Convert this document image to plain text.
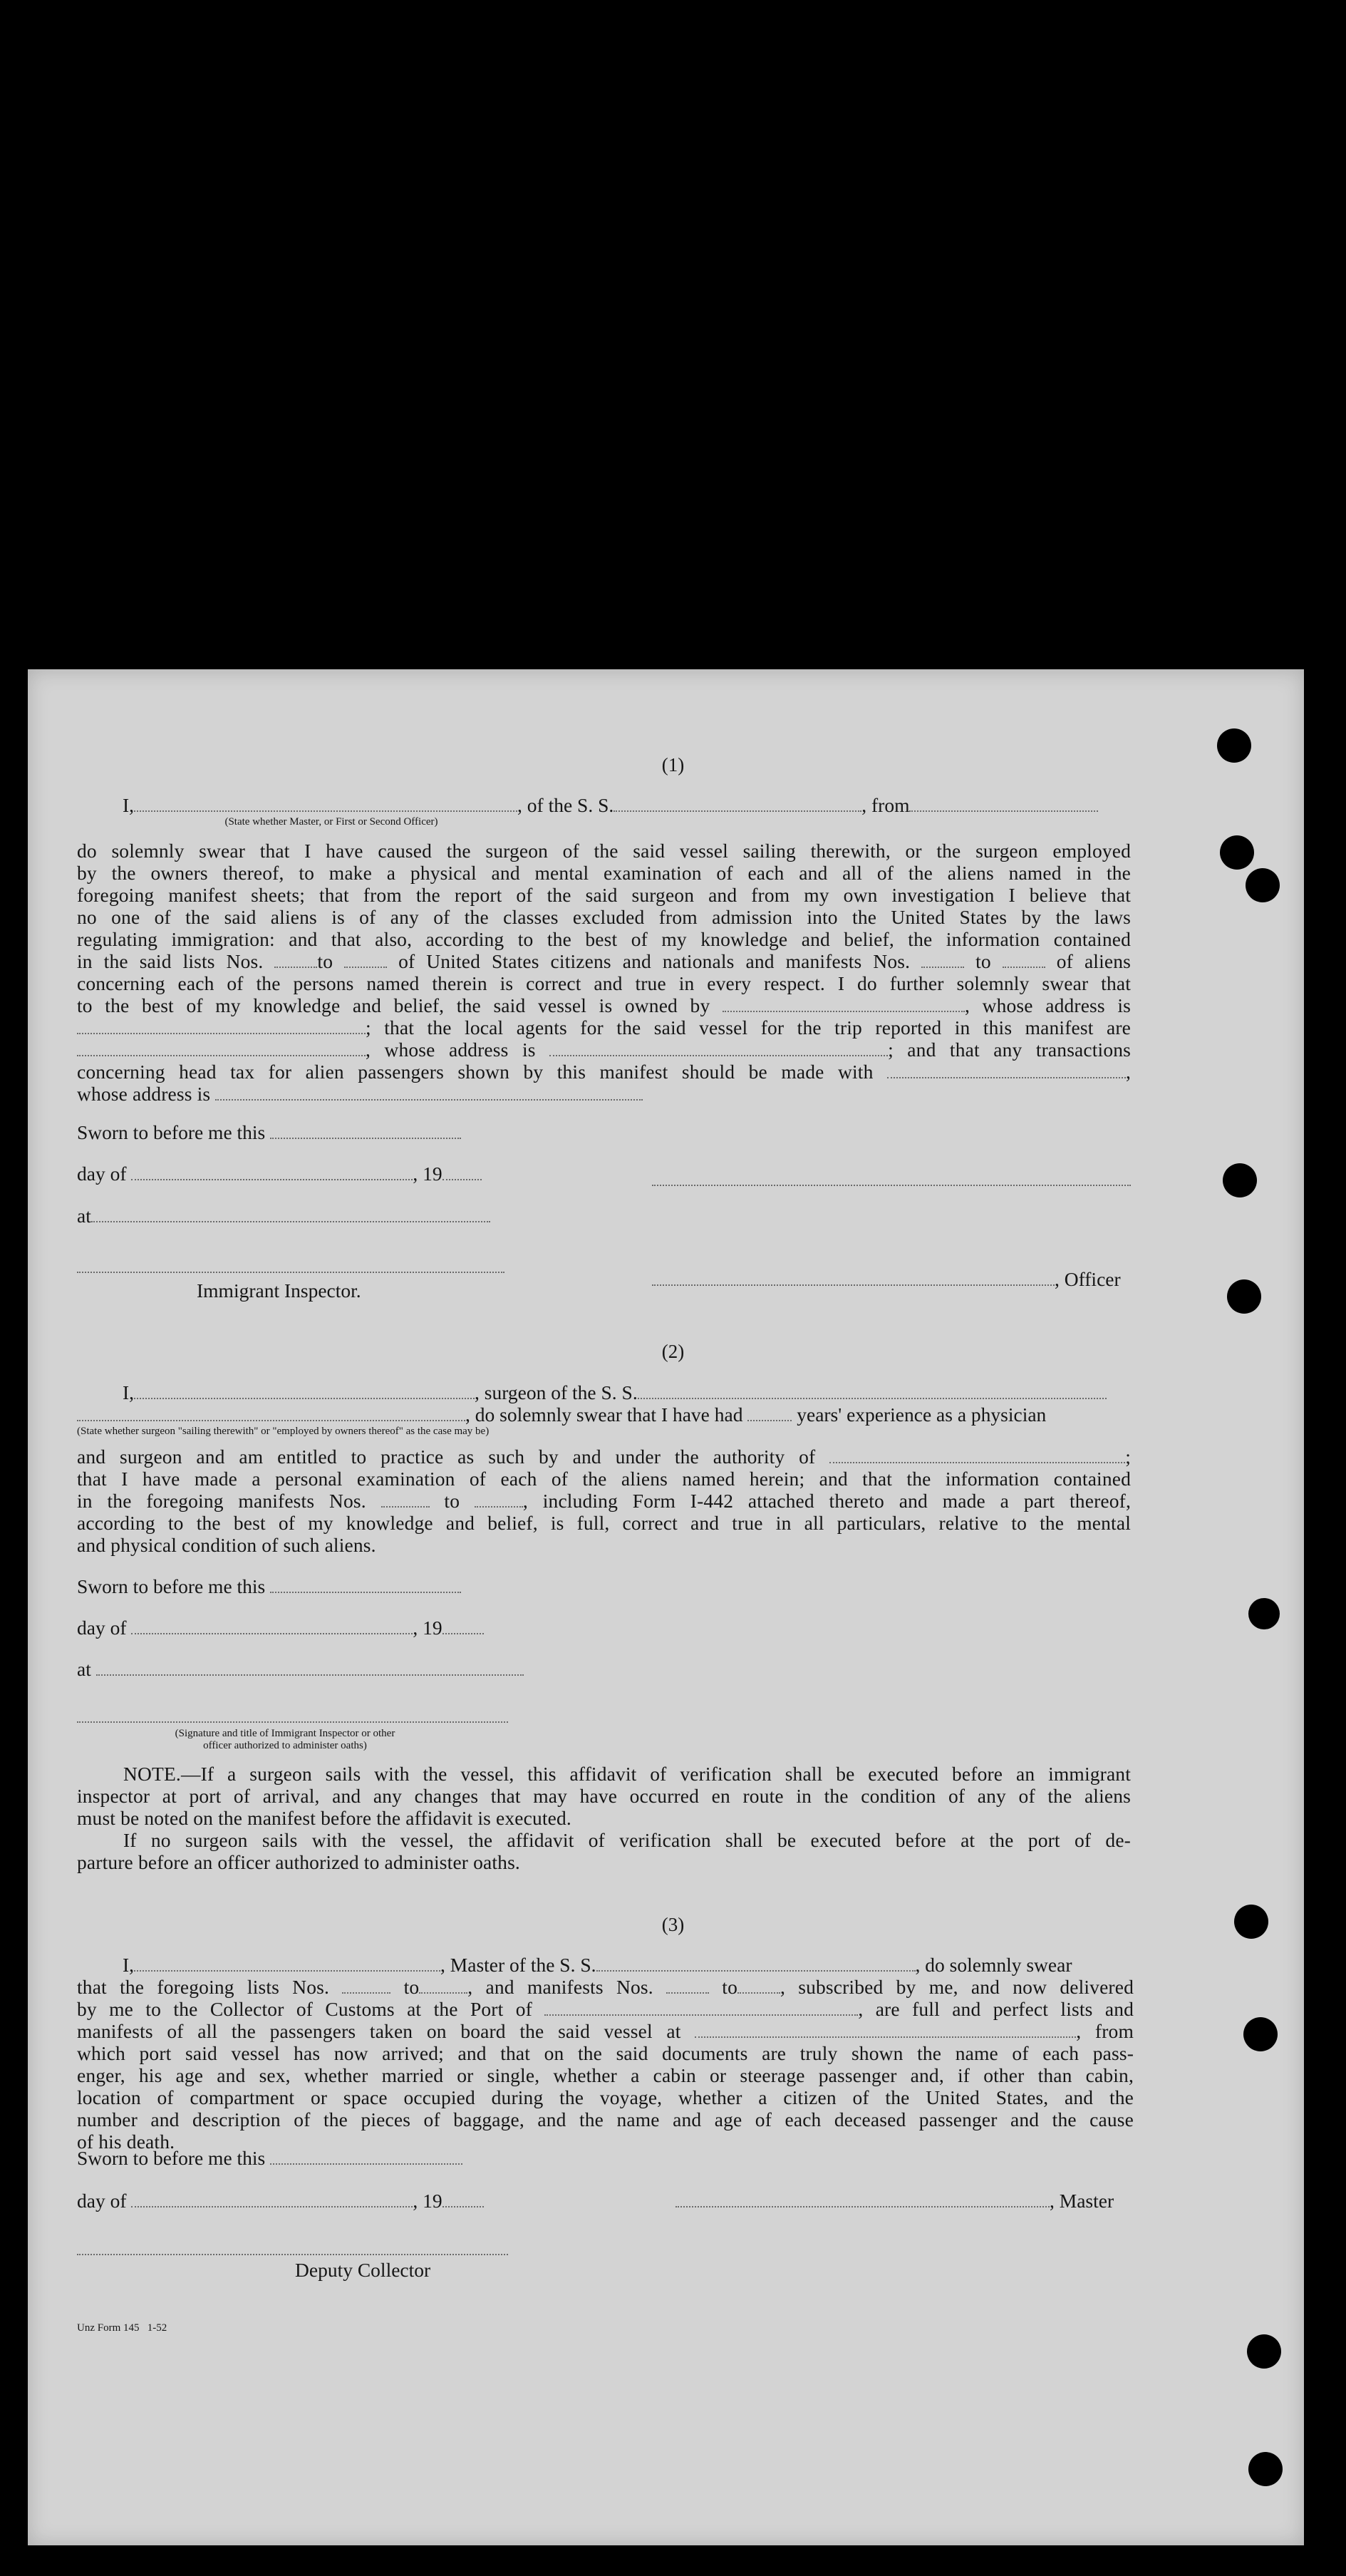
(1)
I,	, of the S. S.	, from
(State whether Master, or First or Second Officer)

do solemnly swear that I have caused the surgeon of the said vessel sailing therewith, or the surgeon employed

by the owners thereof, to make a physical and mental examination of each and all of the aliens named in the

foregoing manifest sheets; that from the report of the said surgeon and from my own investigation I believe that

no one of the said aliens is of any of the classes excluded from admission into the United States by the laws

regulating immigration: and that also, according to the best of my knowledge and belief, the information contained

in the said lists Nos.	to	of United States citizens and nationals and manifests Nos.	to	of aliens

concerning each of the persons named therein is correct and true in every respect. I do further solemnly swear that

to the best of my knowledge and belief, the said vessel is owned by	, whose address is

; that the local agents for the said vessel for the trip reported in this manifest are

, whose address is	; and that any transactions

concerning head tax for alien passengers shown by this manifest should be made with	,

whose address is

Sworn to before me this
day of	, 19
at
, Officer
Immigrant Inspector.
(2)
I,	, surgeon of the S. S.
, do solemnly swear that I have had	years' experience as a physician
(State whether surgeon "sailing therewith" or "employed by owners thereof" as the case may be)

and surgeon and am entitled to practice as such by and under the authority of	;

that I have made a personal examination of each of the aliens named herein; and that the information contained

in the foregoing manifests Nos.	to	, including Form I-442 attached thereto and made a part thereof,

according to the best of my knowledge and belief, is full, correct and true in all particulars, relative to the mental

and physical condition of such aliens.

Sworn to before me this
day of	, 19
at
(Signature and title of Immigrant Inspector or other
officer authorized to administer oaths)

NOTE.—If a surgeon sails with the vessel, this affidavit of verification shall be executed before an immigrant

inspector at port of arrival, and any changes that may have occurred en route in the condition of any of the aliens

must be noted on the manifest before the affidavit is executed.

If no surgeon sails with the vessel, the affidavit of verification shall be executed before at the port of de-

parture before an officer authorized to administer oaths.

(3)
I,	, Master of the S. S.	, do solemnly swear

that the foregoing lists Nos.	to , and manifests Nos.	to , subscribed by me, and now delivered

by me to the Collector of Customs at the Port of	, are full and perfect lists and

manifests of all the passengers taken on board the said vessel at	, from

which port said vessel has now arrived; and that on the said documents are truly shown the name of each pass-

enger, his age and sex, whether married or single, whether a cabin or steerage passenger and, if other than cabin,

location of compartment or space occupied during the voyage, whether a citizen of the United States, and the

number and description of the pieces of baggage, and the name and age of each deceased passenger and the cause

of his death.

Sworn to before me this
day of	, 19	, Master
Deputy Collector
Unz Form 145   1-52
